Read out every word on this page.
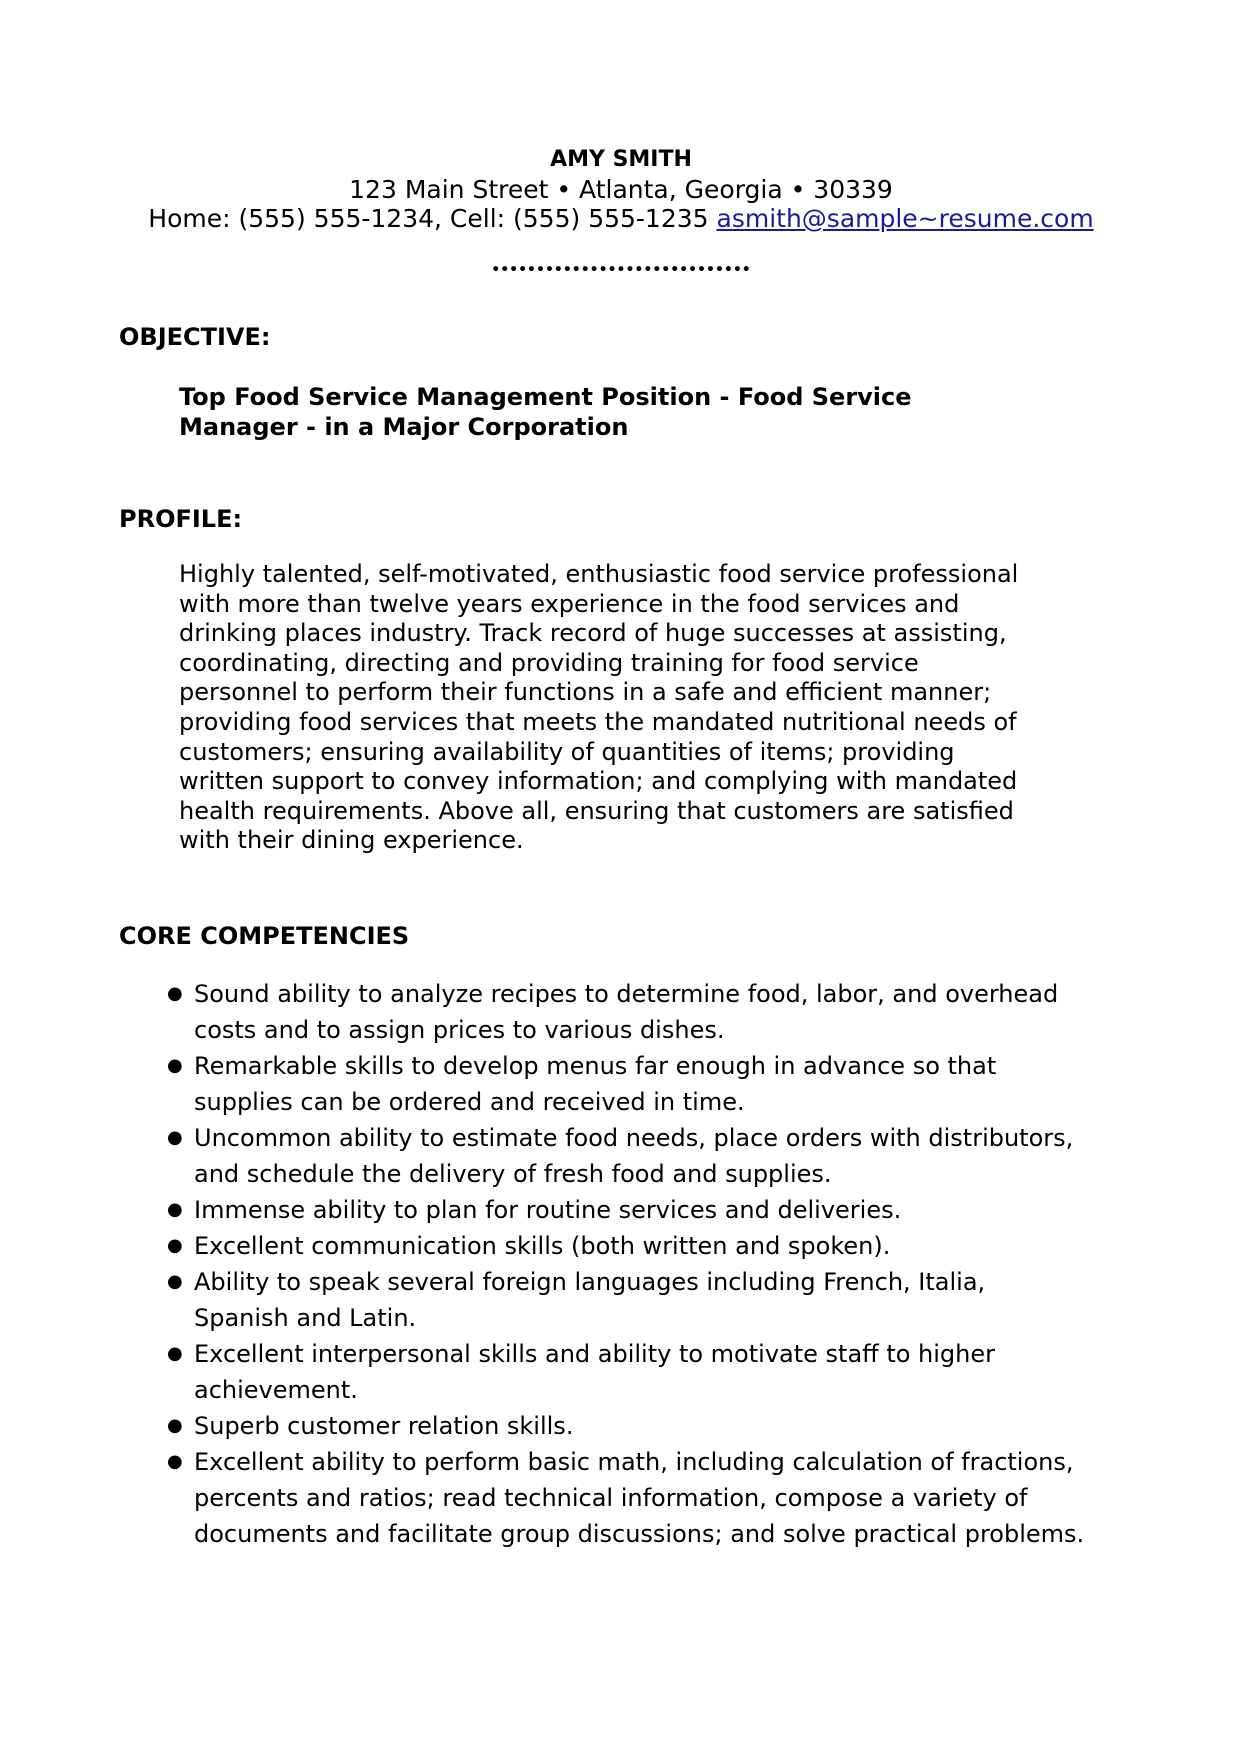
AMY SMITH
123 Main Street • Atlanta, Georgia • 30339
Home: (555) 555-1234, Cell: (555) 555-1235 asmith@sample~resume.com
•••••••••••••••••••••••••••••
OBJECTIVE:
Top Food Service Management Position - Food Service
Manager - in a Major Corporation
PROFILE:
Highly talented, self-motivated, enthusiastic food service professional
with more than twelve years experience in the food services and
drinking places industry. Track record of huge successes at assisting,
coordinating, directing and providing training for food service
personnel to perform their functions in a safe and efficient manner;
providing food services that meets the mandated nutritional needs of
customers; ensuring availability of quantities of items; providing
written support to convey information; and complying with mandated
health requirements. Above all, ensuring that customers are satisfied
with their dining experience.
CORE COMPETENCIES
● Sound ability to analyze recipes to determine food, labor, and overhead
costs and to assign prices to various dishes.
● Remarkable skills to develop menus far enough in advance so that
supplies can be ordered and received in time.
● Uncommon ability to estimate food needs, place orders with distributors,
and schedule the delivery of fresh food and supplies.
● Immense ability to plan for routine services and deliveries.
● Excellent communication skills (both written and spoken).
● Ability to speak several foreign languages including French, Italia,
Spanish and Latin.
● Excellent interpersonal skills and ability to motivate staff to higher
achievement.
● Superb customer relation skills.
● Excellent ability to perform basic math, including calculation of fractions,
percents and ratios; read technical information, compose a variety of
documents and facilitate group discussions; and solve practical problems.
